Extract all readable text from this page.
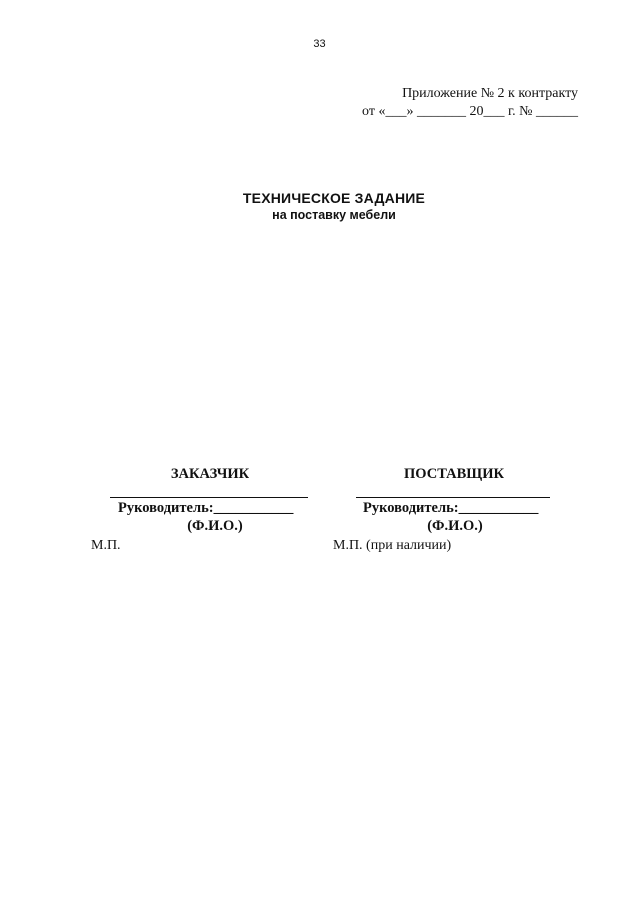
33
Приложение № 2 к контракту
от «___» _______ 20___ г. № ______
ТЕХНИЧЕСКОЕ ЗАДАНИЕ
на поставку мебели
ЗАКАЗЧИК
Руководитель:___________
(Ф.И.О.)
М.П.
ПОСТАВЩИК
Руководитель:___________
(Ф.И.О.)
М.П. (при наличии)
